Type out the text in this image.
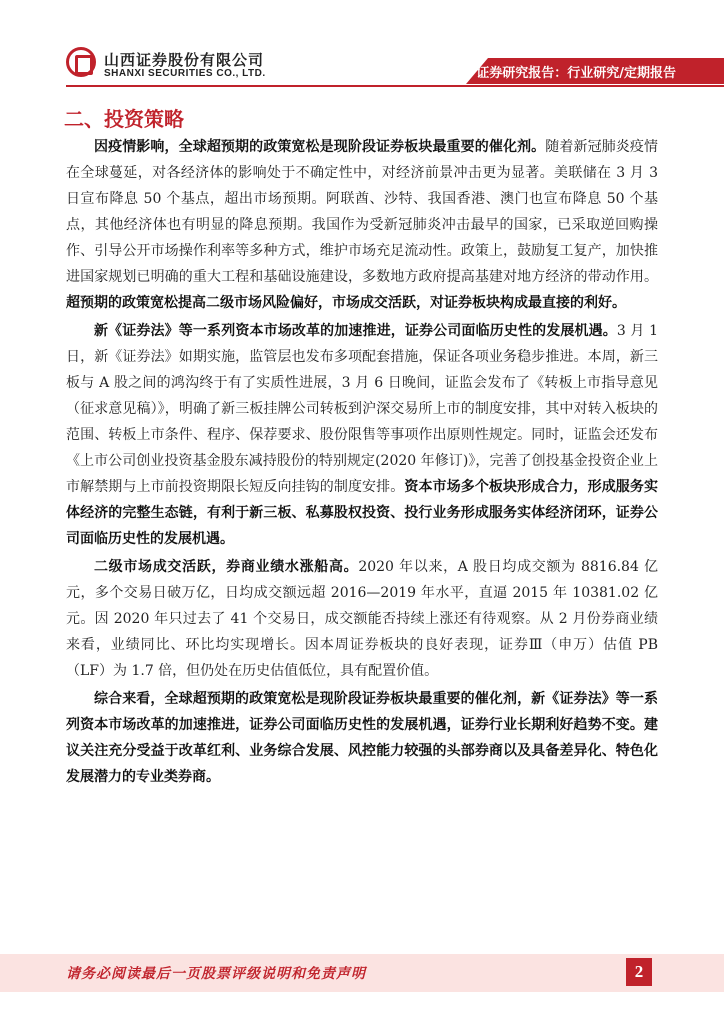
山西证券股份有限公司
SHANXI SECURITIES CO., LTD.	证券研究报告：行业研究/定期报告
二、投资策略

因疫情影响，全球超预期的政策宽松是现阶段证券板块最重要的催化剂。随着新冠肺炎疫情在全球蔓延，对各经济体的影响处于不确定性中，对经济前景冲击更为显著。美联储在 3 月 3 日宣布降息 50 个基点，超出市场预期。阿联酋、沙特、我国香港、澳门也宣布降息 50 个基点，其他经济体也有明显的降息预期。我国作为受新冠肺炎冲击最早的国家，已采取逆回购操作、引导公开市场操作利率等多种方式，维护市场充足流动性。政策上，鼓励复工复产，加快推进国家规划已明确的重大工程和基础设施建设，多数地方政府提高基建对地方经济的带动作用。超预期的政策宽松提高二级市场风险偏好，市场成交活跃，对证券板块构成最直接的利好。

新《证券法》等一系列资本市场改革的加速推进，证券公司面临历史性的发展机遇。3 月 1 日，新《证券法》如期实施，监管层也发布多项配套措施，保证各项业务稳步推进。本周，新三板与 A 股之间的鸿沟终于有了实质性进展，3 月 6 日晚间，证监会发布了《转板上市指导意见（征求意见稿）》，明确了新三板挂牌公司转板到沪深交易所上市的制度安排，其中对转入板块的范围、转板上市条件、程序、保荐要求、股份限售等事项作出原则性规定。同时，证监会还发布《上市公司创业投资基金股东减持股份的特别规定(2020 年修订)》，完善了创投基金投资企业上市解禁期与上市前投资期限长短反向挂钩的制度安排。资本市场多个板块形成合力，形成服务实体经济的完整生态链，有利于新三板、私募股权投资、投行业务形成服务实体经济闭环，证券公司面临历史性的发展机遇。

二级市场成交活跃，券商业绩水涨船高。2020 年以来，A 股日均成交额为 8816.84 亿元，多个交易日破万亿，日均成交额远超 2016—2019 年水平，直逼 2015 年 10381.02 亿元。因 2020 年只过去了 41 个交易日，成交额能否持续上涨还有待观察。从 2 月份券商业绩来看，业绩同比、环比均实现增长。因本周证券板块的良好表现，证券Ⅲ（申万）估值 PB（LF）为 1.7 倍，但仍处在历史估值低位，具有配置价值。

综合来看，全球超预期的政策宽松是现阶段证券板块最重要的催化剂，新《证券法》等一系列资本市场改革的加速推进，证券公司面临历史性的发展机遇，证券行业长期利好趋势不变。建议关注充分受益于改革红利、业务综合发展、风控能力较强的头部券商以及具备差异化、特色化发展潜力的专业类券商。

请务必阅读最后一页股票评级说明和免责声明	2
